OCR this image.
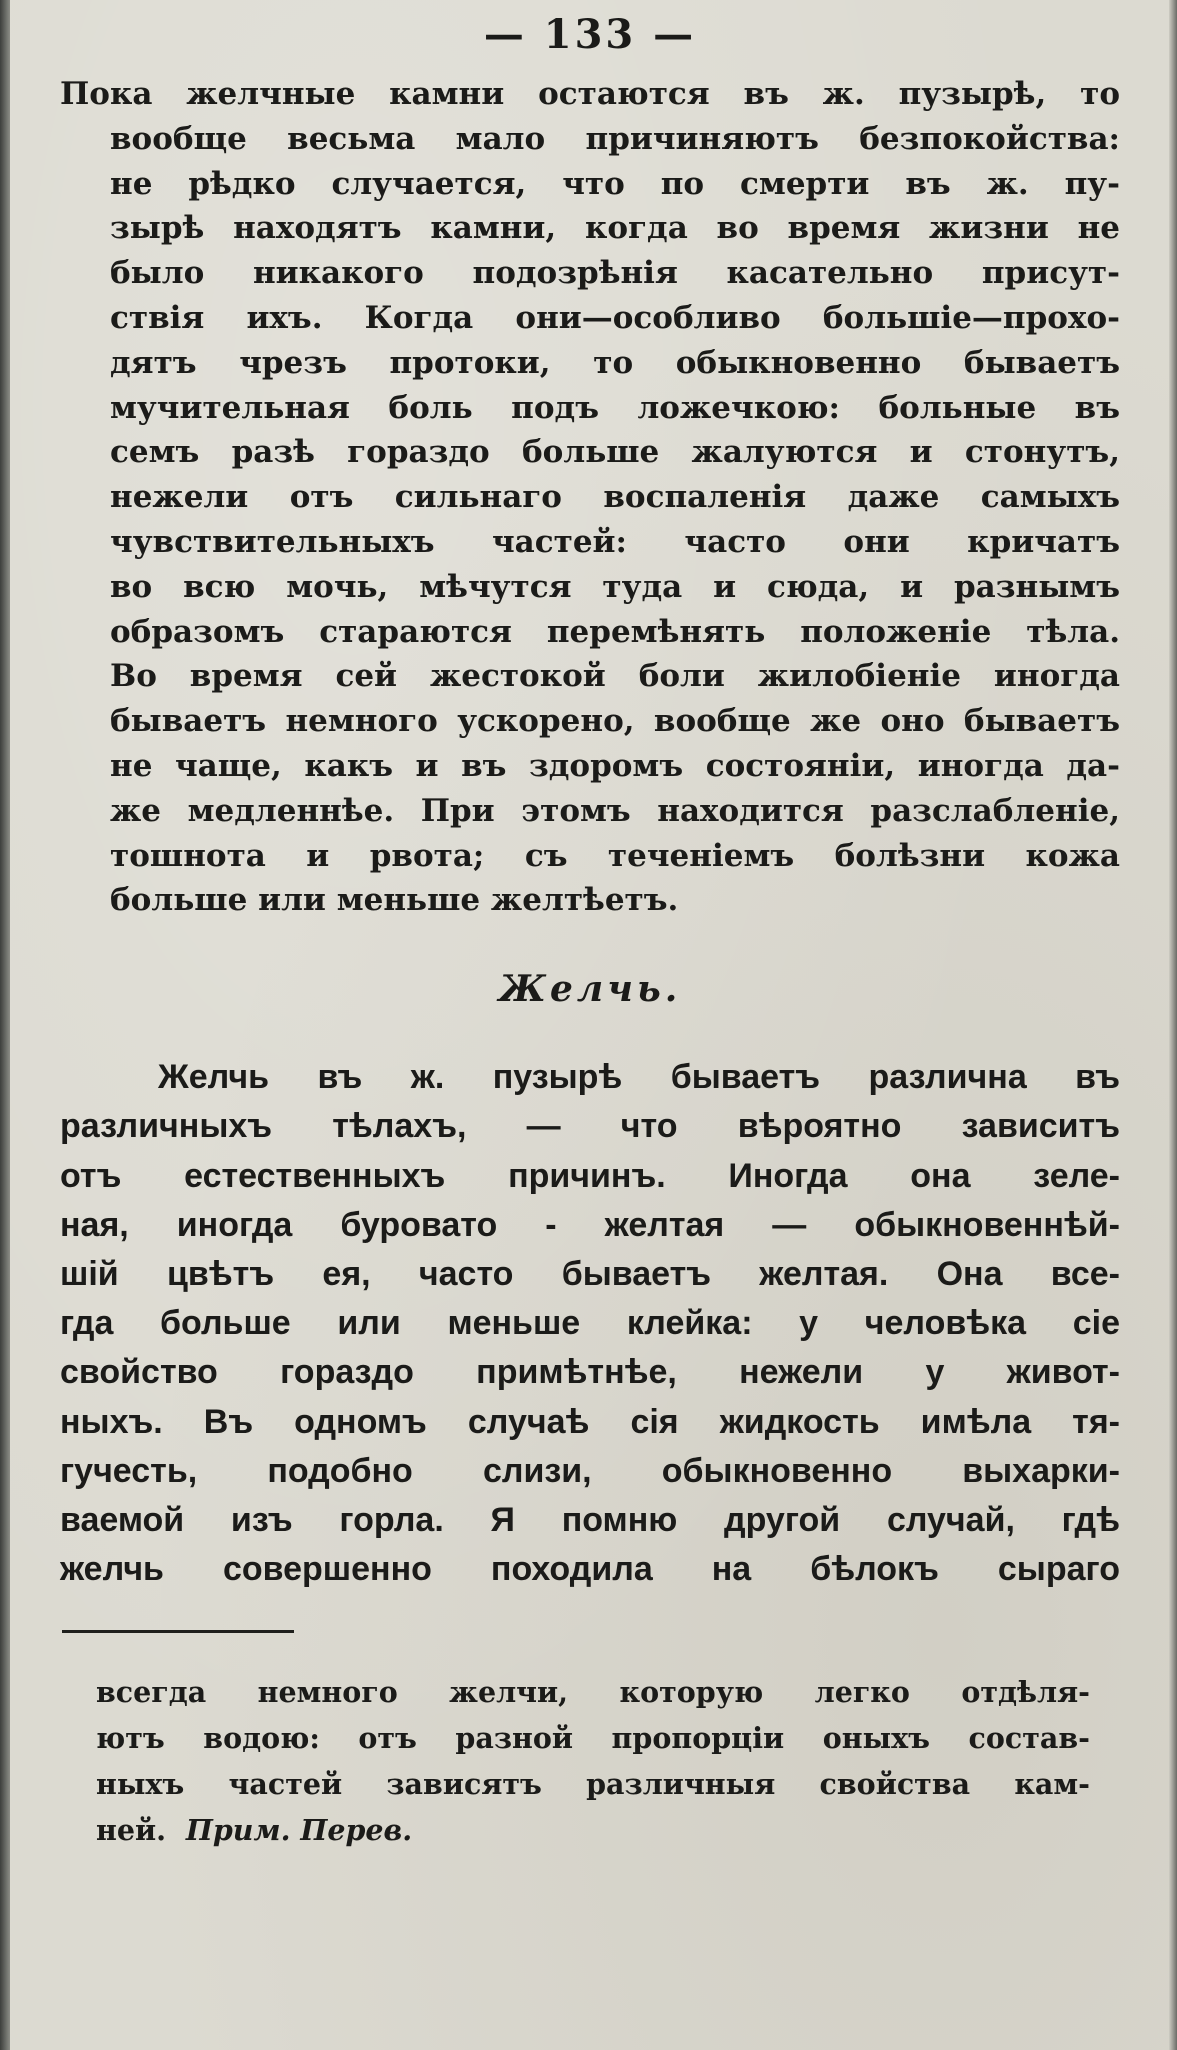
— 133 —
Пока желчные камни остаются въ ж. пузырѣ, то
вообще весьма мало причиняютъ безпокойства:
не рѣдко случается, что по смерти въ ж. пу-
зырѣ находятъ камни, когда во время жизни не
было никакого подозрѣнія касательно присут-
ствія ихъ. Когда они—особливо большіе—прохо-
дятъ чрезъ протоки, то обыкновенно бываетъ
мучительная боль подъ ложечкою: больные въ
семъ разѣ гораздо больше жалуются и стонутъ,
нежели отъ сильнаго воспаленія даже самыхъ
чувствительныхъ частей: часто они кричатъ
во всю мочь, мѣчутся туда и сюда, и разнымъ
образомъ стараются перемѣнять положеніе тѣла.
Во время сей жестокой боли жилобіеніе иногда
бываетъ немного ускорено, вообще же оно бываетъ
не чаще, какъ и въ здоромъ состояніи, иногда да-
же медленнѣе. При этомъ находится разслабленіе,
тошнота и рвота; съ теченіемъ болѣзни кожа
больше или меньше желтѣетъ.
Желчь.
Желчь въ ж. пузырѣ бываетъ различна въ
различныхъ тѣлахъ, — что вѣроятно зависитъ
отъ естественныхъ причинъ. Иногда она зеле-
ная, иногда буровато - желтая — обыкновеннѣй-
шій цвѣтъ ея, часто бываетъ желтая. Она все-
гда больше или меньше клейка: у человѣка сіе
свойство гораздо примѣтнѣе, нежели у живот-
ныхъ. Въ одномъ случаѣ сія жидкость имѣла тя-
гучесть, подобно слизи, обыкновенно выхарки-
ваемой изъ горла. Я помню другой случай, гдѣ
желчь совершенно походила на бѣлокъ сыраго
всегда немного желчи, которую легко отдѣля-
ютъ водою: отъ разной пропорціи оныхъ состав-
ныхъ частей зависятъ различныя свойства кам-
ней. Прим. Перев.
